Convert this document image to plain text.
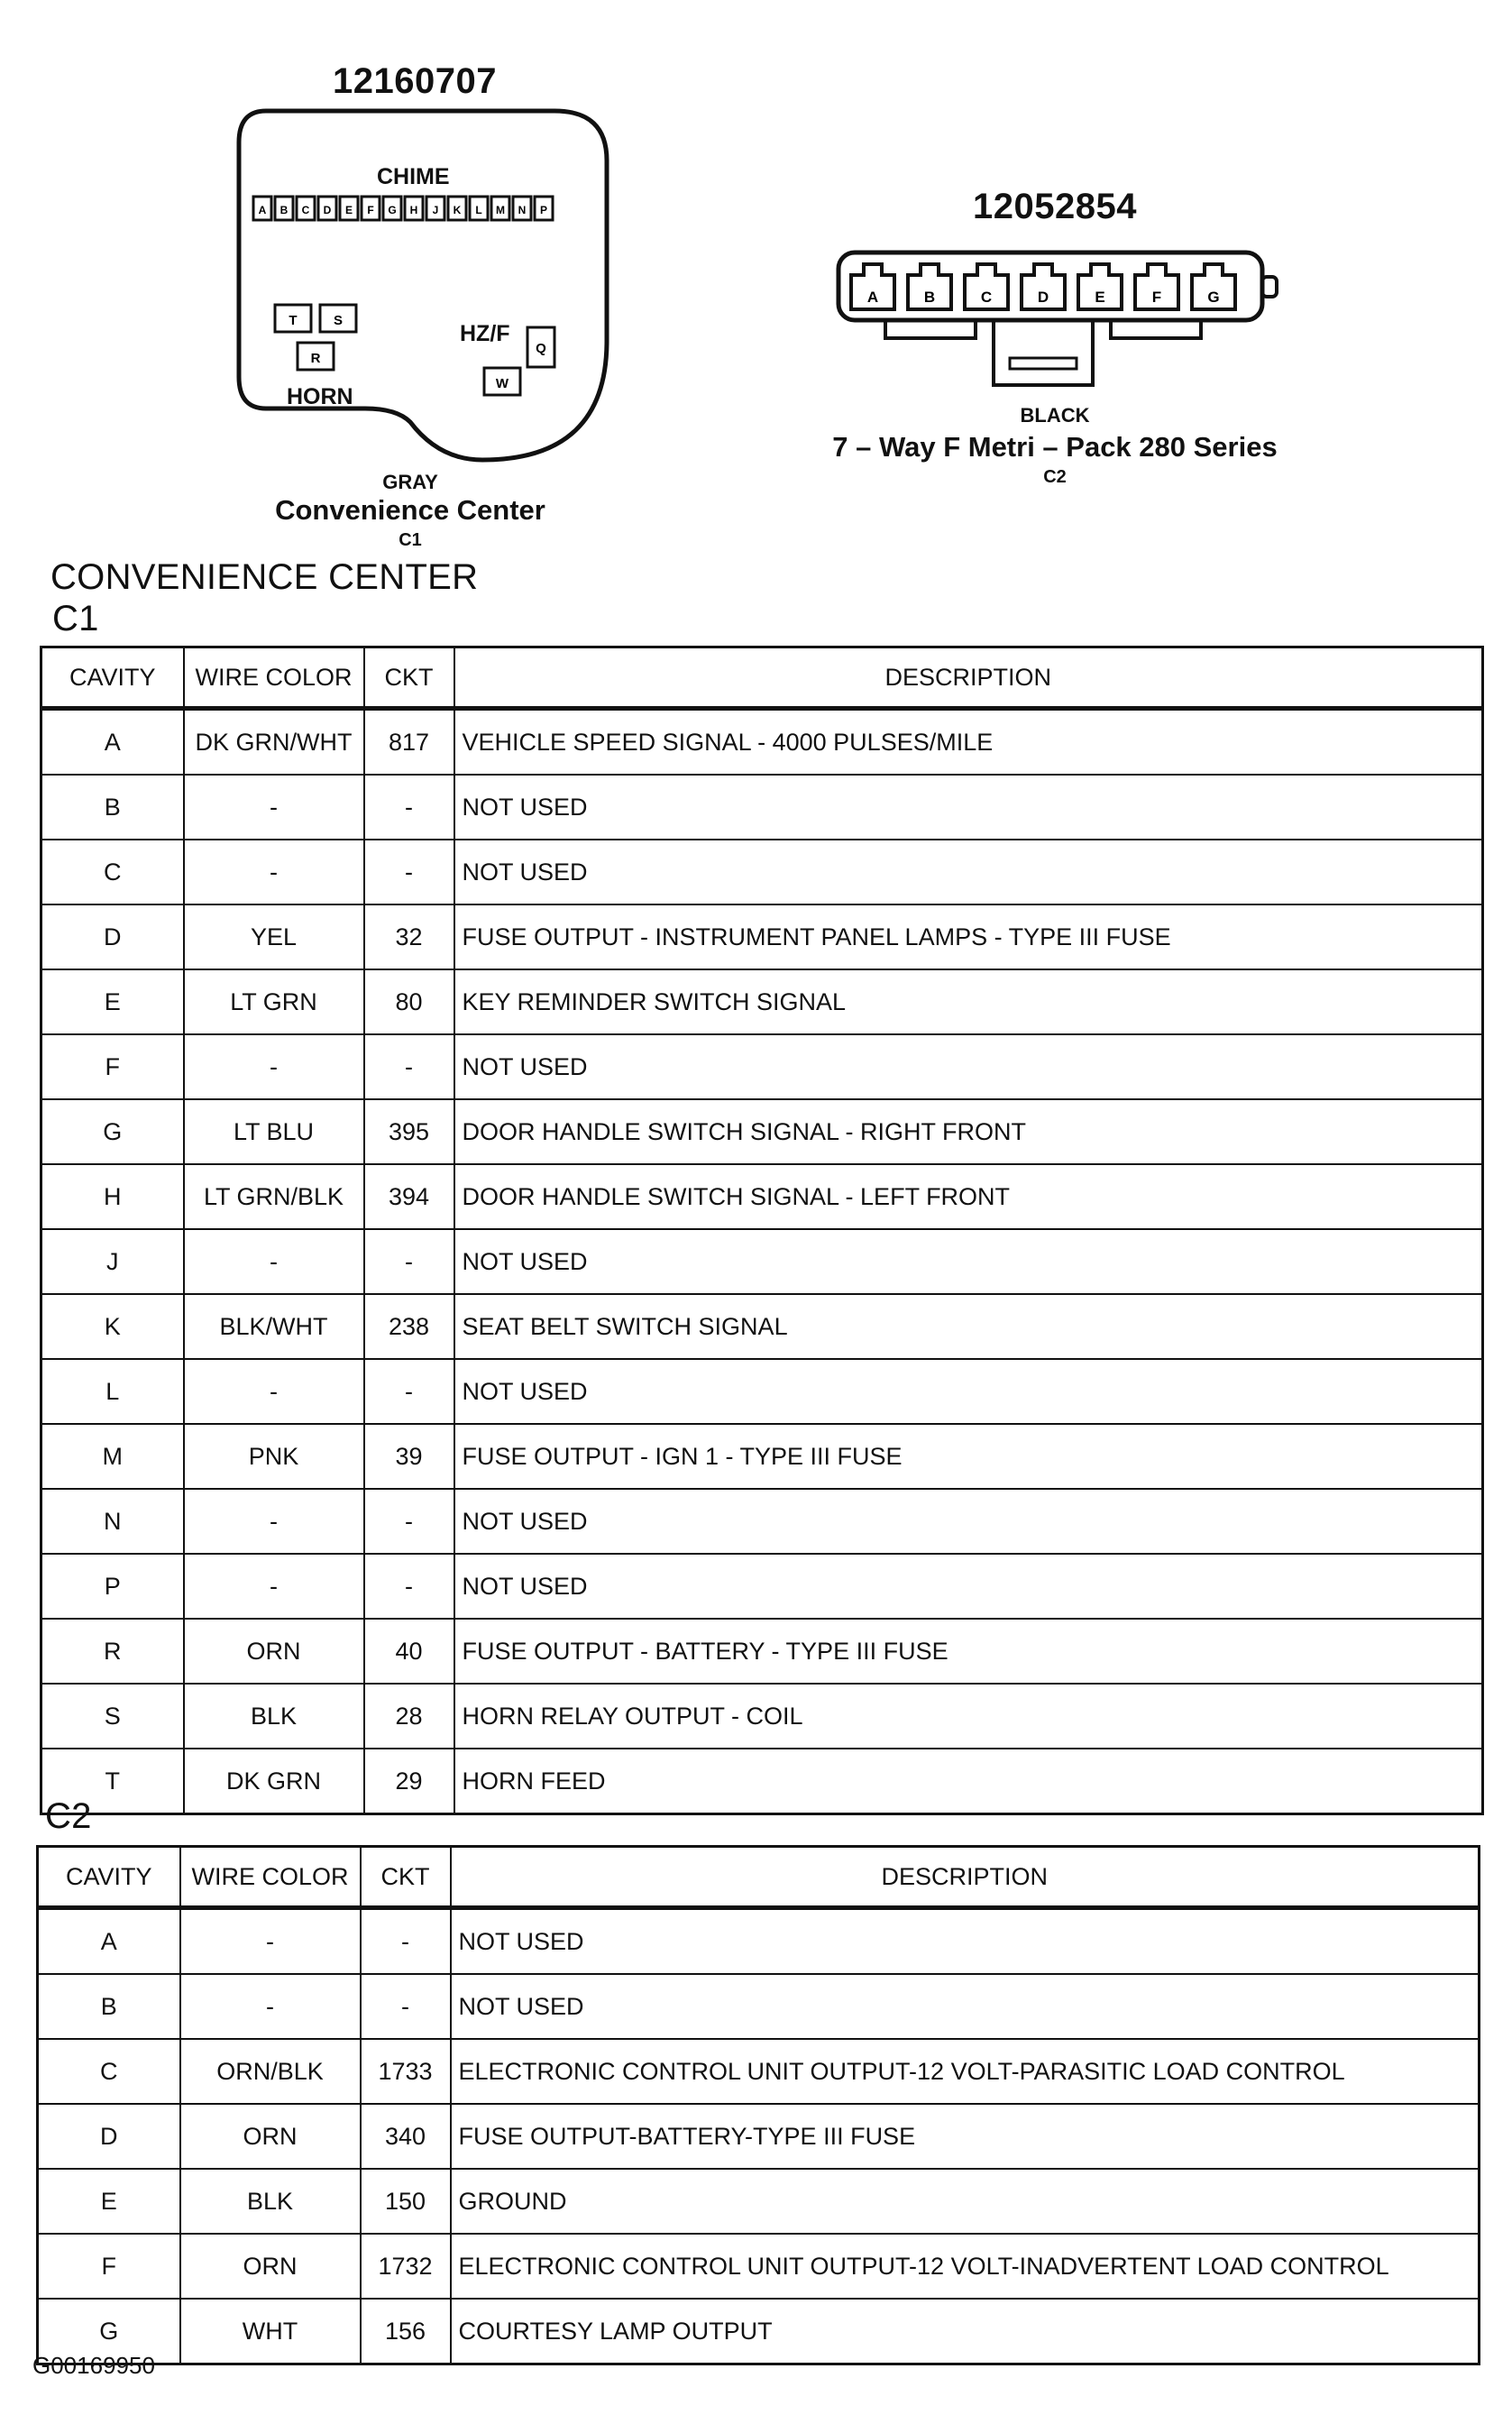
12160707
A B C D E F G H J K L M N P
T	S
R
W
Q
CHIME
HORN
HZ/F
GRAY
Convenience Center
C1
12052854
A	B	C	D	E	F	G
BLACK
7 – Way F Metri – Pack 280 Series
C2
CONVENIENCE CENTER
C1
CAVITY	WIRE COLOR	CKT	DESCRIPTION
A	DK GRN/WHT	817	VEHICLE SPEED SIGNAL - 4000 PULSES/MILE
B	-	-	NOT USED
C	-	-	NOT USED
D	YEL	32	FUSE OUTPUT - INSTRUMENT PANEL LAMPS - TYPE III FUSE
E	LT GRN	80	KEY REMINDER SWITCH SIGNAL
F	-	-	NOT USED
G	LT BLU	395	DOOR HANDLE SWITCH SIGNAL - RIGHT FRONT
H	LT GRN/BLK	394	DOOR HANDLE SWITCH SIGNAL - LEFT FRONT
J	-	-	NOT USED
K	BLK/WHT	238	SEAT BELT SWITCH SIGNAL
L	-	-	NOT USED
M	PNK	39	FUSE OUTPUT - IGN 1 - TYPE III FUSE
N	-	-	NOT USED
P	-	-	NOT USED
R	ORN	40	FUSE OUTPUT - BATTERY - TYPE III FUSE
S	BLK	28	HORN RELAY OUTPUT - COIL
T	DK GRN	29	HORN FEED
C2
CAVITY	WIRE COLOR	CKT	DESCRIPTION
A	-	-	NOT USED
B	-	-	NOT USED
C	ORN/BLK	1733	ELECTRONIC CONTROL UNIT OUTPUT-12 VOLT-PARASITIC LOAD CONTROL
D	ORN	340	FUSE OUTPUT-BATTERY-TYPE III FUSE
E	BLK	150	GROUND
F	ORN	1732	ELECTRONIC CONTROL UNIT OUTPUT-12 VOLT-INADVERTENT LOAD CONTROL
G	WHT	156	COURTESY LAMP OUTPUT
G00169950
